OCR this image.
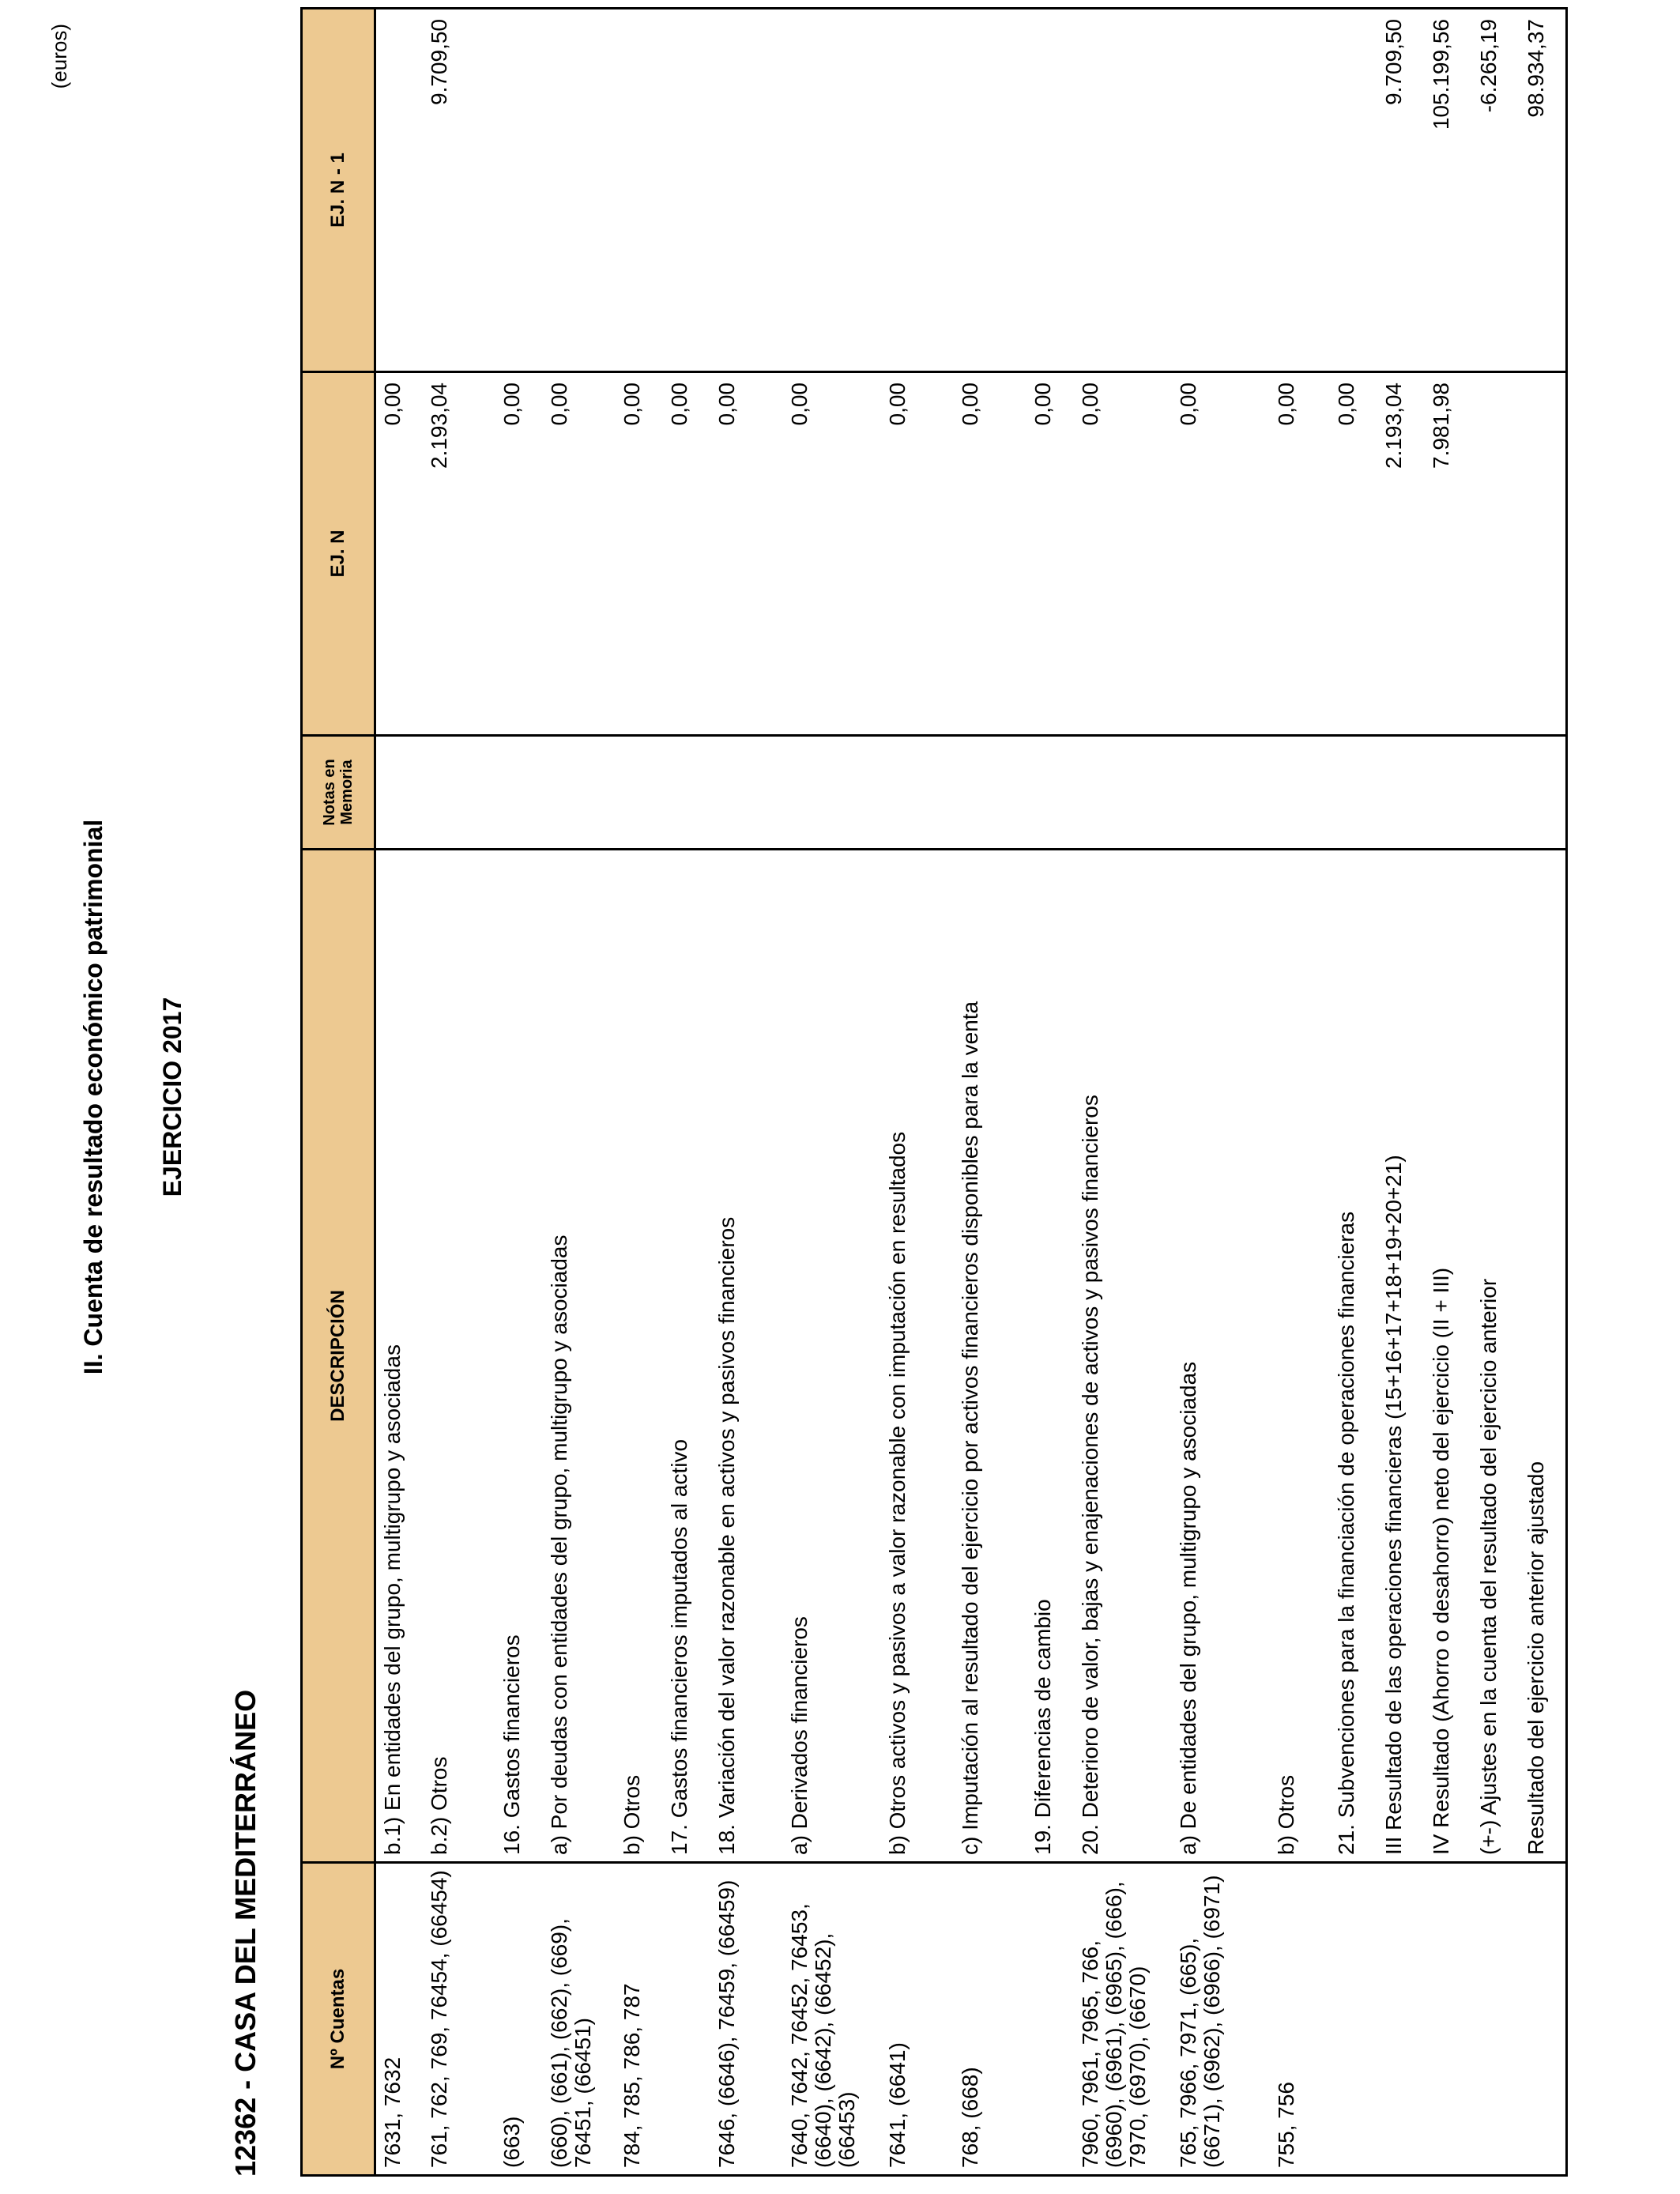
(euros)
II. Cuenta de resultado económico patrimonial EJERCICIO 2017
12362 - CASA DEL MEDITERRÁNEO	Nº Cuentas	DESCRIPCIÓN	Notas en Memoria	EJ. N	EJ. N - 1
7631, 7632	b.1) En entidades del grupo, multigrupo y asociadas		0,00	
761, 762, 769, 76454, (66454)	b.2) Otros		2.193,04	9.709,50
(663)	16. Gastos financieros		0,00	
(660), (661), (662), (669), 76451, (66451)	a) Por deudas con entidades del grupo, multigrupo y asociadas		0,00	
784, 785, 786, 787	b) Otros		0,00	
	17. Gastos financieros imputados al activo		0,00	
7646, (6646), 76459, (66459)	18. Variación del valor razonable en activos y pasivos financieros		0,00	
7640, 7642, 76452, 76453, (6640), (6642), (66452), (66453)	a) Derivados financieros		0,00	
7641, (6641)	b) Otros activos y pasivos a valor razonable con imputación en resultados		0,00	
768, (668)	c) Imputación al resultado del ejercicio por activos financieros disponibles para la venta		0,00	
	19. Diferencias de cambio		0,00	
7960, 7961, 7965, 766, (6960), (6961), (6965), (666), 7970, (6970), (6670)	20. Deterioro de valor, bajas y enajenaciones de activos y pasivos financieros		0,00	
765, 7966, 7971, (665), (6671), (6962), (6966), (6971)	a) De entidades del grupo, multigrupo y asociadas		0,00	
755, 756	b) Otros		0,00	
	21. Subvenciones para la financiación de operaciones financieras		0,00	
	III Resultado de las operaciones financieras (15+16+17+18+19+20+21)		2.193,04	9.709,50
	IV Resultado (Ahorro o desahorro) neto del ejercicio (II + III)		7.981,98	105.199,56
	(+-) Ajustes en la cuenta del resultado del ejercicio anterior			-6.265,19
	Resultado del ejercicio anterior ajustado			98.934,37
